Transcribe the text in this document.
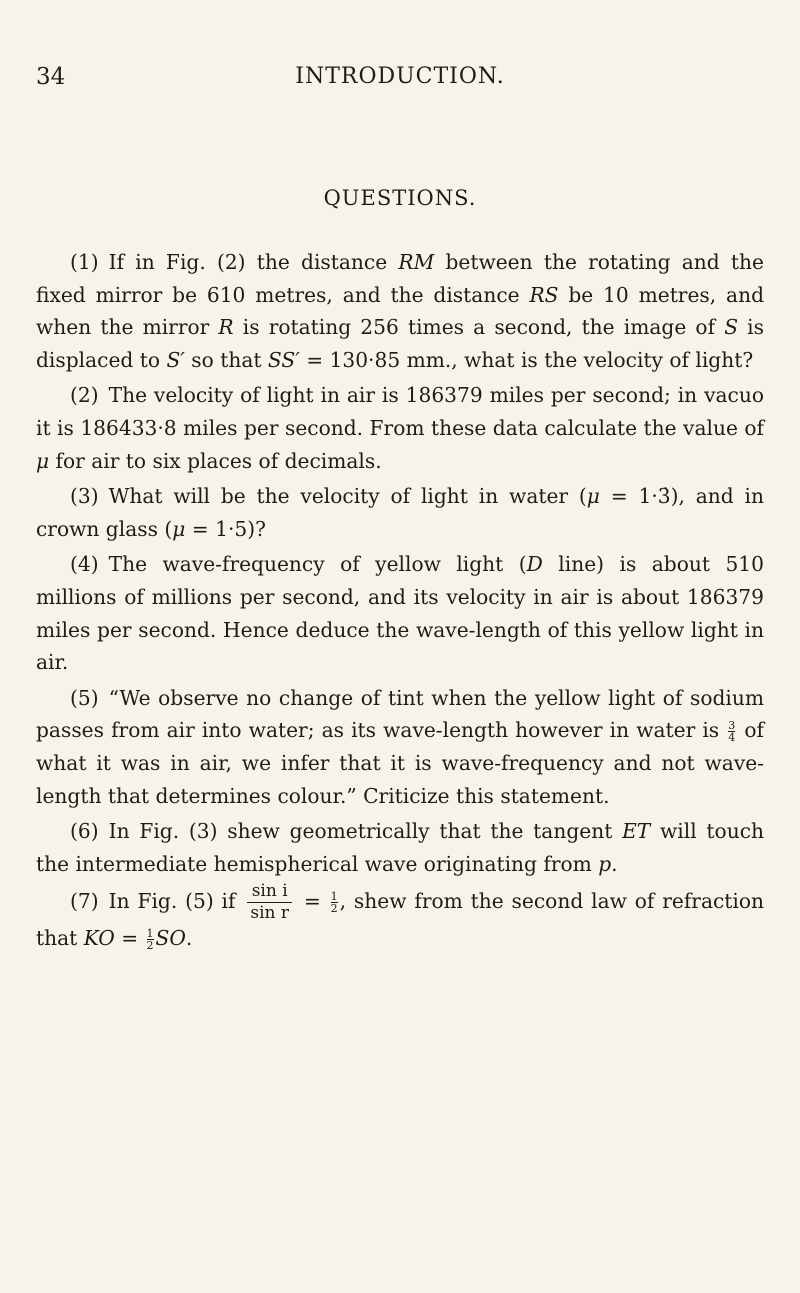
34	INTRODUCTION.
QUESTIONS.

(1) If in Fig. (2) the distance RM between the rotating and the fixed mirror be 610 metres, and the distance RS be 10 metres, and when the mirror R is rotating 256 times a second, the image of S is displaced to S′ so that SS′ = 130·85 mm., what is the velocity of light?

(2) The velocity of light in air is 186379 miles per second; in vacuo it is 186433·8 miles per second. From these data calculate the value of μ for air to six places of decimals.

(3) What will be the velocity of light in water (μ = 1·3̇), and in crown glass (μ = 1·5)?

(4) The wave-frequency of yellow light (D line) is about 510 millions of millions per second, and its velocity in air is about 186379 miles per second. Hence deduce the wave-length of this yellow light in air.

(5) “We observe no change of tint when the yellow light of sodium passes from air into water; as its wave-length however in water is $\frac{3}{4}$ of what it was in air, we infer that it is wave-frequency and not wave-length that determines colour.” Criticize this statement.

(6) In Fig. (3) shew geometrically that the tangent ET will touch the intermediate hemispherical wave originating from p.

(7) In Fig. (5) if $\frac{\text{sin i}}{\text{sin r}} = \frac{1}{2}$ , shew from the second law of refraction that KO = $\frac{1}{2}$ SO.
